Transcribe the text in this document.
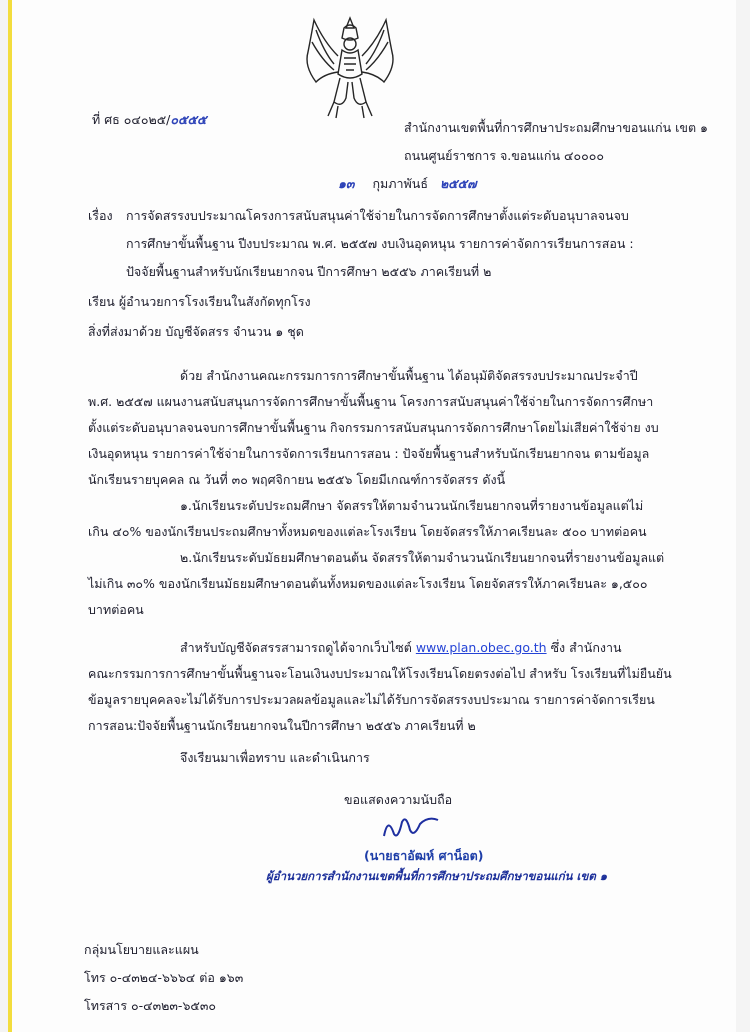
ที่ ศธ ๐๔๐๒๕/๐๕๕๕
สำนักงานเขตพื้นที่การศึกษาประถมศึกษาขอนแก่น เขต ๑
ถนนศูนย์ราชการ จ.ขอนแก่น ๔๐๐๐๐
๑๓ กุมภาพันธ์ ๒๕๕๗
เรื่อง การจัดสรรงบประมาณโครงการสนับสนุนค่าใช้จ่ายในการจัดการศึกษาตั้งแต่ระดับอนุบาลจนจบ
การศึกษาขั้นพื้นฐาน ปีงบประมาณ พ.ศ. ๒๕๕๗ งบเงินอุดหนุน รายการค่าจัดการเรียนการสอน :
ปัจจัยพื้นฐานสำหรับนักเรียนยากจน ปีการศึกษา ๒๕๕๖ ภาคเรียนที่ ๒
เรียน ผู้อำนวยการโรงเรียนในสังกัดทุกโรง
สิ่งที่ส่งมาด้วย บัญชีจัดสรร จำนวน ๑ ชุด
ด้วย สำนักงานคณะกรรมการการศึกษาขั้นพื้นฐาน ได้อนุมัติจัดสรรงบประมาณประจำปี
พ.ศ. ๒๕๕๗ แผนงานสนับสนุนการจัดการศึกษาขั้นพื้นฐาน โครงการสนับสนุนค่าใช้จ่ายในการจัดการศึกษา
ตั้งแต่ระดับอนุบาลจนจบการศึกษาขั้นพื้นฐาน กิจกรรมการสนับสนุนการจัดการศึกษาโดยไม่เสียค่าใช้จ่าย งบ
เงินอุดหนุน รายการค่าใช้จ่ายในการจัดการเรียนการสอน : ปัจจัยพื้นฐานสำหรับนักเรียนยากจน ตามข้อมูล
นักเรียนรายบุคคล ณ วันที่ ๓๐ พฤศจิกายน ๒๕๕๖ โดยมีเกณฑ์การจัดสรร ดังนี้
๑.นักเรียนระดับประถมศึกษา จัดสรรให้ตามจำนวนนักเรียนยากจนที่รายงานข้อมูลแต่ไม่
เกิน ๔๐% ของนักเรียนประถมศึกษาทั้งหมดของแต่ละโรงเรียน โดยจัดสรรให้ภาคเรียนละ ๕๐๐ บาทต่อคน
๒.นักเรียนระดับมัธยมศึกษาตอนต้น จัดสรรให้ตามจำนวนนักเรียนยากจนที่รายงานข้อมูลแต่
ไม่เกิน ๓๐% ของนักเรียนมัธยมศึกษาตอนต้นทั้งหมดของแต่ละโรงเรียน โดยจัดสรรให้ภาคเรียนละ ๑,๕๐๐
บาทต่อคน
สำหรับบัญชีจัดสรรสามารถดูได้จากเว็บไซต์ www.plan.obec.go.th ซึ่ง สำนักงาน
คณะกรรมการการศึกษาขั้นพื้นฐานจะโอนเงินงบประมาณให้โรงเรียนโดยตรงต่อไป สำหรับ โรงเรียนที่ไม่ยืนยัน
ข้อมูลรายบุคคลจะไม่ได้รับการประมวลผลข้อมูลและไม่ได้รับการจัดสรรงบประมาณ รายการค่าจัดการเรียน
การสอน:ปัจจัยพื้นฐานนักเรียนยากจนในปีการศึกษา ๒๕๕๖ ภาคเรียนที่ ๒
จึงเรียนมาเพื่อทราบ และดำเนินการ
ขอแสดงความนับถือ
(นายธาอัฒห์ ศาน็อต)
ผู้อำนวยการสำนักงานเขตพื้นที่การศึกษาประถมศึกษาขอนแก่น เขต ๑
กลุ่มนโยบายและแผน
โทร ๐-๔๓๒๔-๖๖๖๔ ต่อ ๑๖๓
โทรสาร ๐-๔๓๒๓-๖๕๓๐
